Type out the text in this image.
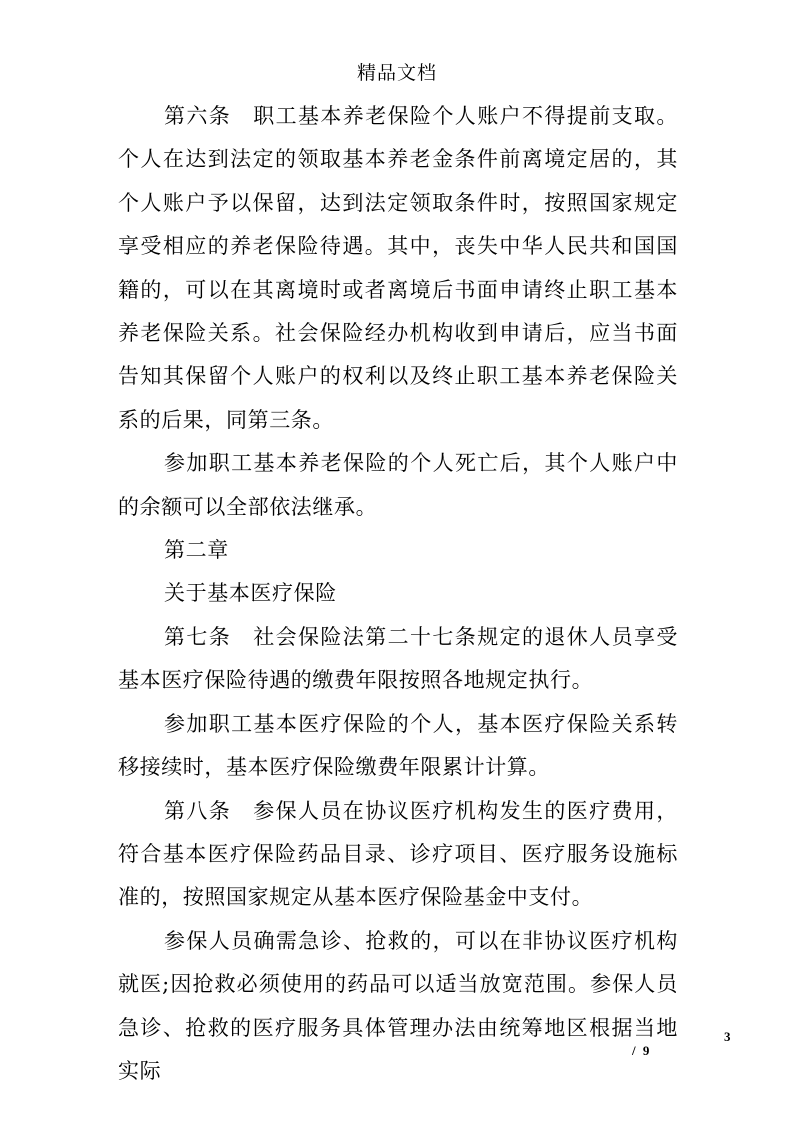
精品文档

第六条 职工基本养老保险个人账户不得提前支取。个人在达到法定的领取基本养老金条件前离境定居的，其个人账户予以保留，达到法定领取条件时，按照国家规定享受相应的养老保险待遇。其中，丧失中华人民共和国国籍的，可以在其离境时或者离境后书面申请终止职工基本养老保险关系。社会保险经办机构收到申请后，应当书面告知其保留个人账户的权利以及终止职工基本养老保险关系的后果，同第三条。

参加职工基本养老保险的个人死亡后，其个人账户中的余额可以全部依法继承。

第二章

关于基本医疗保险

第七条 社会保险法第二十七条规定的退休人员享受基本医疗保险待遇的缴费年限按照各地规定执行。

参加职工基本医疗保险的个人，基本医疗保险关系转移接续时，基本医疗保险缴费年限累计计算。

第八条 参保人员在协议医疗机构发生的医疗费用，符合基本医疗保险药品目录、诊疗项目、医疗服务设施标准的，按照国家规定从基本医疗保险基金中支付。

参保人员确需急诊、抢救的，可以在非协议医疗机构就医;因抢救必须使用的药品可以适当放宽范围。参保人员急诊、抢救的医疗服务具体管理办法由统筹地区根据当地实际

3
/ 9
